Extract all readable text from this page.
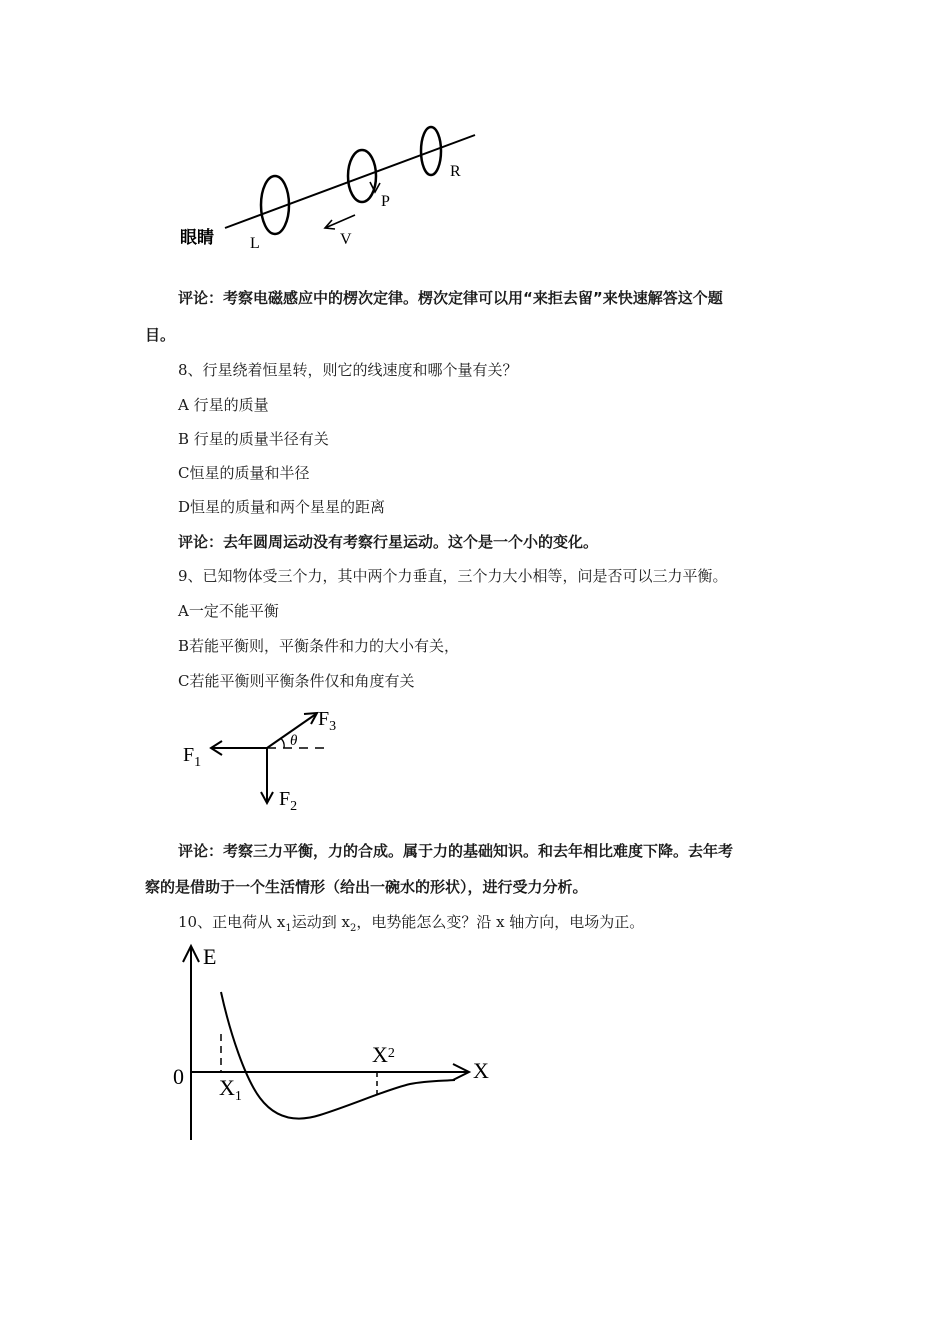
眼睛 L
P
R
V
评论：考察电磁感应中的楞次定律。楞次定律可以用“来拒去留”来快速解答这个题
目。
8、行星绕着恒星转，则它的线速度和哪个量有关？
A 行星的质量
B 行星的质量半径有关
C恒星的质量和半径
D恒星的质量和两个星星的距离
评论：去年圆周运动没有考察行星运动。这个是一个小的变化。
9、已知物体受三个力，其中两个力垂直，三个力大小相等，问是否可以三力平衡。
A一定不能平衡
B若能平衡则，平衡条件和力的大小有关，
C若能平衡则平衡条件仅和角度有关
θ
$F_1$
$F_2$
$F_3$
评论：考察三力平衡，力的合成。属于力的基础知识。和去年相比难度下降。去年考
察的是借助于一个生活情形（给出一碗水的形状），进行受力分析。
10、正电荷从 $x_1$运动到 $x_2$，电势能怎么变？沿 x 轴方向，电场为正。
E
0	X
$X_1$
$X^2$
